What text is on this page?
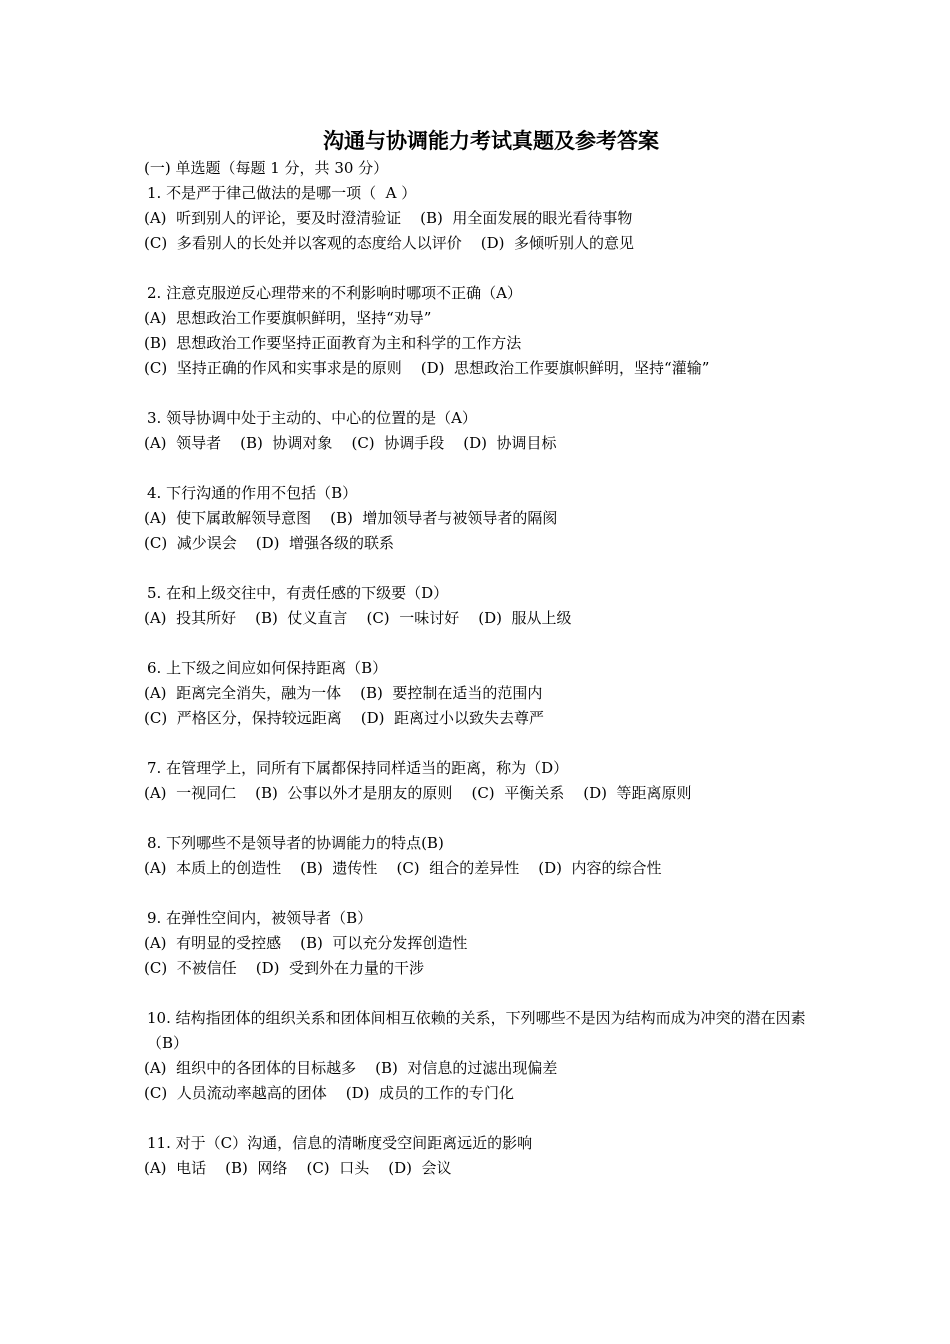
沟通与协调能力考试真题及参考答案
(一) 单选题（每题 1 分，共 30 分）
1. 不是严于律己做法的是哪一项（  A ）
(A)  听到别人的评论，要及时澄清验证    (B)  用全面发展的眼光看待事物
(C)  多看别人的长处并以客观的态度给人以评价    (D)  多倾听别人的意见
2. 注意克服逆反心理带来的不利影响时哪项不正确（A）
(A)  思想政治工作要旗帜鲜明，坚持“劝导”
(B)  思想政治工作要坚持正面教育为主和科学的工作方法
(C)  坚持正确的作风和实事求是的原则    (D)  思想政治工作要旗帜鲜明，坚持“灌输”
3. 领导协调中处于主动的、中心的位置的是（A）
(A)  领导者    (B)  协调对象    (C)  协调手段    (D)  协调目标
4. 下行沟通的作用不包括（B）
(A)  使下属敢解领导意图    (B)  增加领导者与被领导者的隔阂
(C)  减少误会    (D)  增强各级的联系
5. 在和上级交往中，有责任感的下级要（D）
(A)  投其所好    (B)  仗义直言    (C)  一味讨好    (D)  服从上级
6. 上下级之间应如何保持距离（B）
(A)  距离完全消失，融为一体    (B)  要控制在适当的范围内
(C)  严格区分，保持较远距离    (D)  距离过小以致失去尊严
7. 在管理学上，同所有下属都保持同样适当的距离，称为（D）
(A)  一视同仁    (B)  公事以外才是朋友的原则    (C)  平衡关系    (D)  等距离原则
8. 下列哪些不是领导者的协调能力的特点(B)
(A)  本质上的创造性    (B)  遗传性    (C)  组合的差异性    (D)  内容的综合性
9. 在弹性空间内，被领导者（B）
(A)  有明显的受控感    (B)  可以充分发挥创造性
(C)  不被信任    (D)  受到外在力量的干涉
10. 结构指团体的组织关系和团体间相互依赖的关系，下列哪些不是因为结构而成为冲突的潜在因素（B）
(A)  组织中的各团体的目标越多    (B)  对信息的过滤出现偏差
(C)  人员流动率越高的团体    (D)  成员的工作的专门化
11. 对于（C）沟通，信息的清晰度受空间距离远近的影响
(A)  电话    (B)  网络    (C)  口头    (D)  会议
